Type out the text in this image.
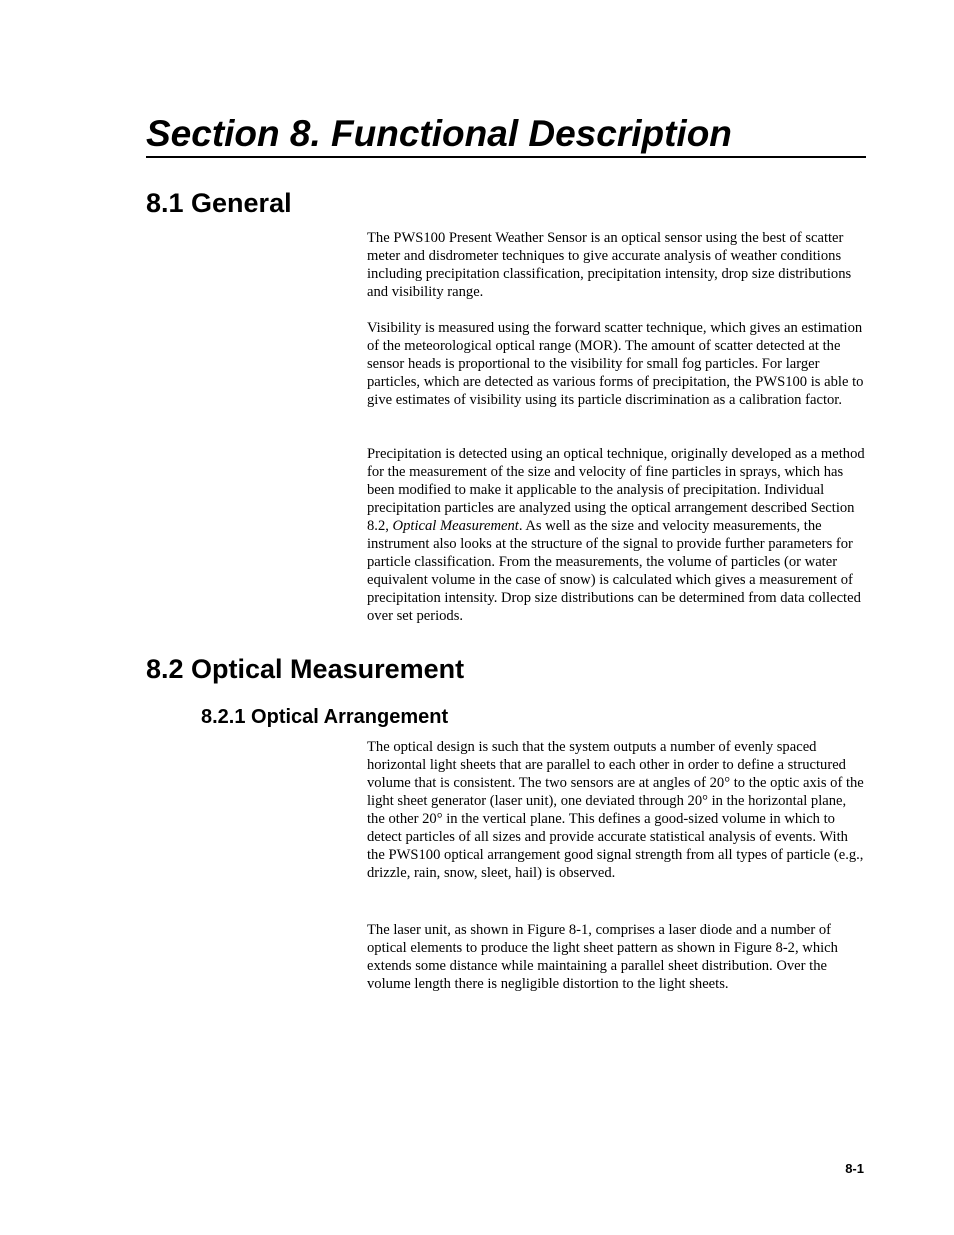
Section 8. Functional Description
8.1 General

The PWS100 Present Weather Sensor is an optical sensor using the best of scatter meter and disdrometer techniques to give accurate analysis of weather conditions including precipitation classification, precipitation intensity, drop size distributions and visibility range.

Visibility is measured using the forward scatter technique, which gives an estimation of the meteorological optical range (MOR). The amount of scatter detected at the sensor heads is proportional to the visibility for small fog particles. For larger particles, which are detected as various forms of precipitation, the PWS100 is able to give estimates of visibility using its particle discrimination as a calibration factor.

Precipitation is detected using an optical technique, originally developed as a method for the measurement of the size and velocity of fine particles in sprays, which has been modified to make it applicable to the analysis of precipitation. Individual precipitation particles are analyzed using the optical arrangement described Section 8.2, Optical Measurement. As well as the size and velocity measurements, the instrument also looks at the structure of the signal to provide further parameters for particle classification. From the measurements, the volume of particles (or water equivalent volume in the case of snow) is calculated which gives a measurement of precipitation intensity. Drop size distributions can be determined from data collected over set periods.

8.2 Optical Measurement
8.2.1 Optical Arrangement

The optical design is such that the system outputs a number of evenly spaced horizontal light sheets that are parallel to each other in order to define a structured volume that is consistent. The two sensors are at angles of 20° to the optic axis of the light sheet generator (laser unit), one deviated through 20° in the horizontal plane, the other 20° in the vertical plane. This defines a good-sized volume in which to detect particles of all sizes and provide accurate statistical analysis of events. With the PWS100 optical arrangement good signal strength from all types of particle (e.g., drizzle, rain, snow, sleet, hail) is observed.

The laser unit, as shown in Figure 8-1, comprises a laser diode and a number of optical elements to produce the light sheet pattern as shown in Figure 8-2, which extends some distance while maintaining a parallel sheet distribution. Over the volume length there is negligible distortion to the light sheets.

8-1
